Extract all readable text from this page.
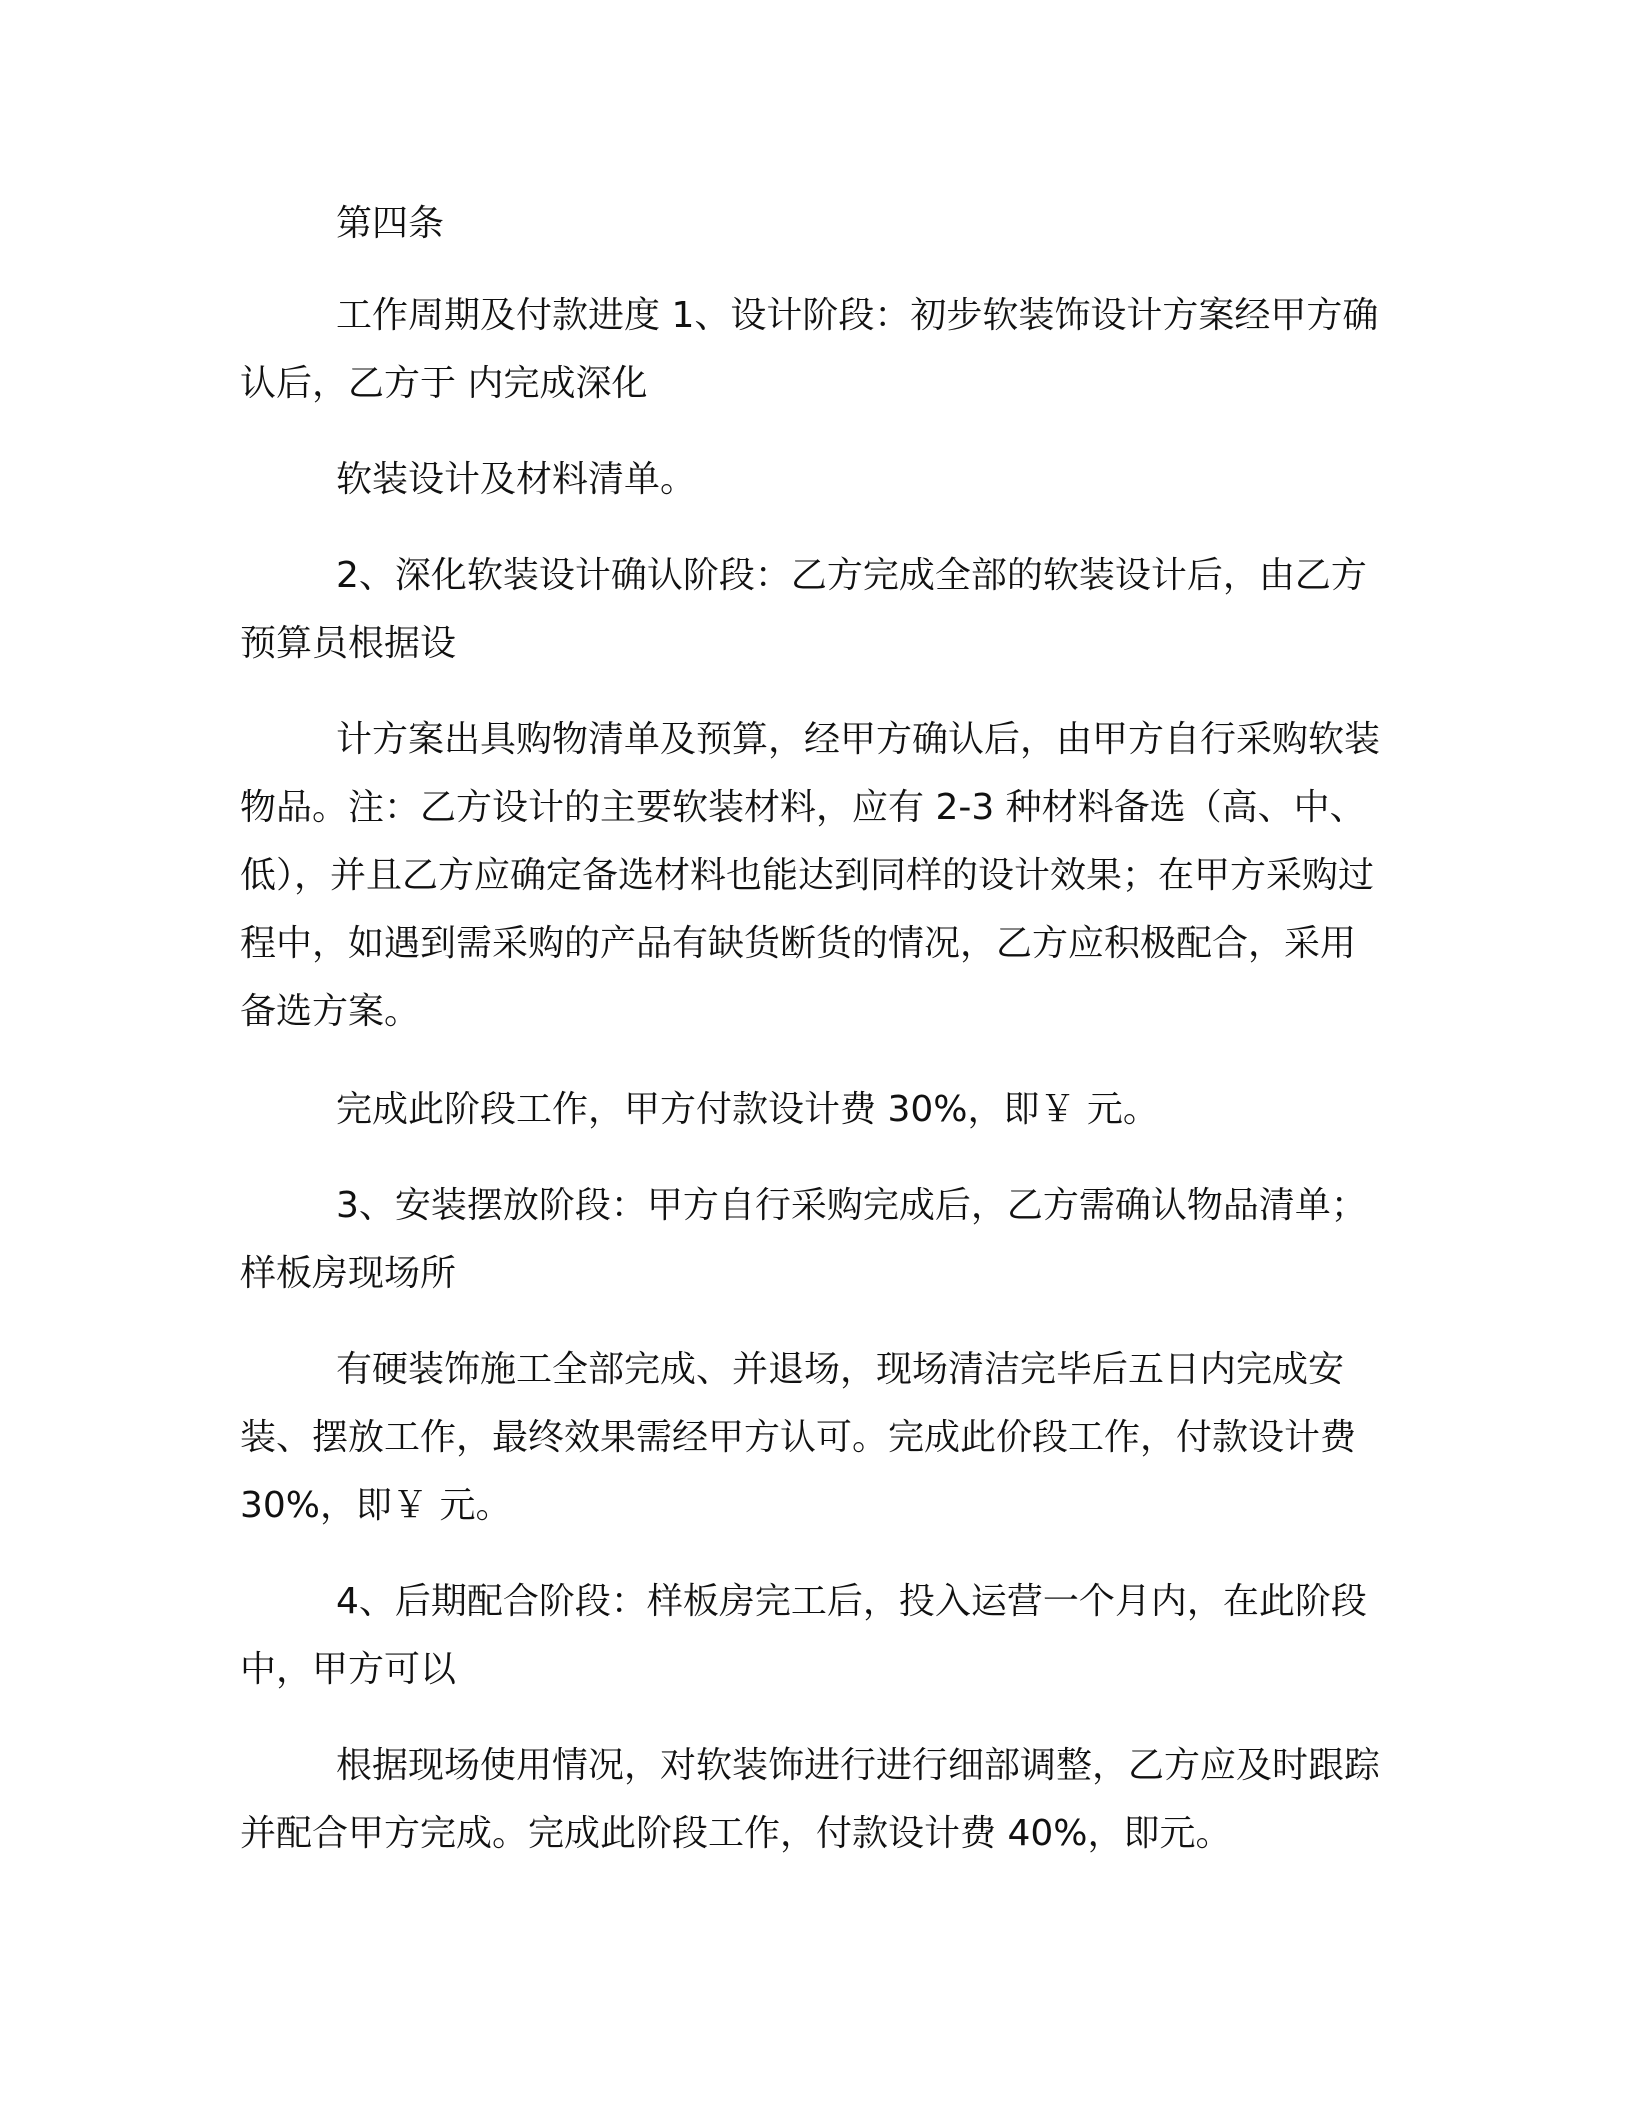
第四条

工作周期及付款进度 1、设计阶段：初步软装饰设计方案经甲方确认后，乙方于 内完成深化

软装设计及材料清单。

2、深化软装设计确认阶段：乙方完成全部的软装设计后，由乙方预算员根据设

计方案出具购物清单及预算，经甲方确认后，由甲方自行采购软装物品。注：乙方设计的主要软装材料，应有 2-3 种材料备选（高、中、低），并且乙方应确定备选材料也能达到同样的设计效果；在甲方采购过程中，如遇到需采购的产品有缺货断货的情况，乙方应积极配合，采用备选方案。

完成此阶段工作，甲方付款设计费 30%，即￥ 元。

3、安装摆放阶段：甲方自行采购完成后，乙方需确认物品清单；样板房现场所

有硬装饰施工全部完成、并退场，现场清洁完毕后五日内完成安装、摆放工作，最终效果需经甲方认可。完成此价段工作，付款设计费 30%，即￥ 元。

4、后期配合阶段：样板房完工后，投入运营一个月内，在此阶段中，甲方可以

根据现场使用情况，对软装饰进行进行细部调整，乙方应及时跟踪并配合甲方完成。完成此阶段工作，付款设计费 40%，即元。
